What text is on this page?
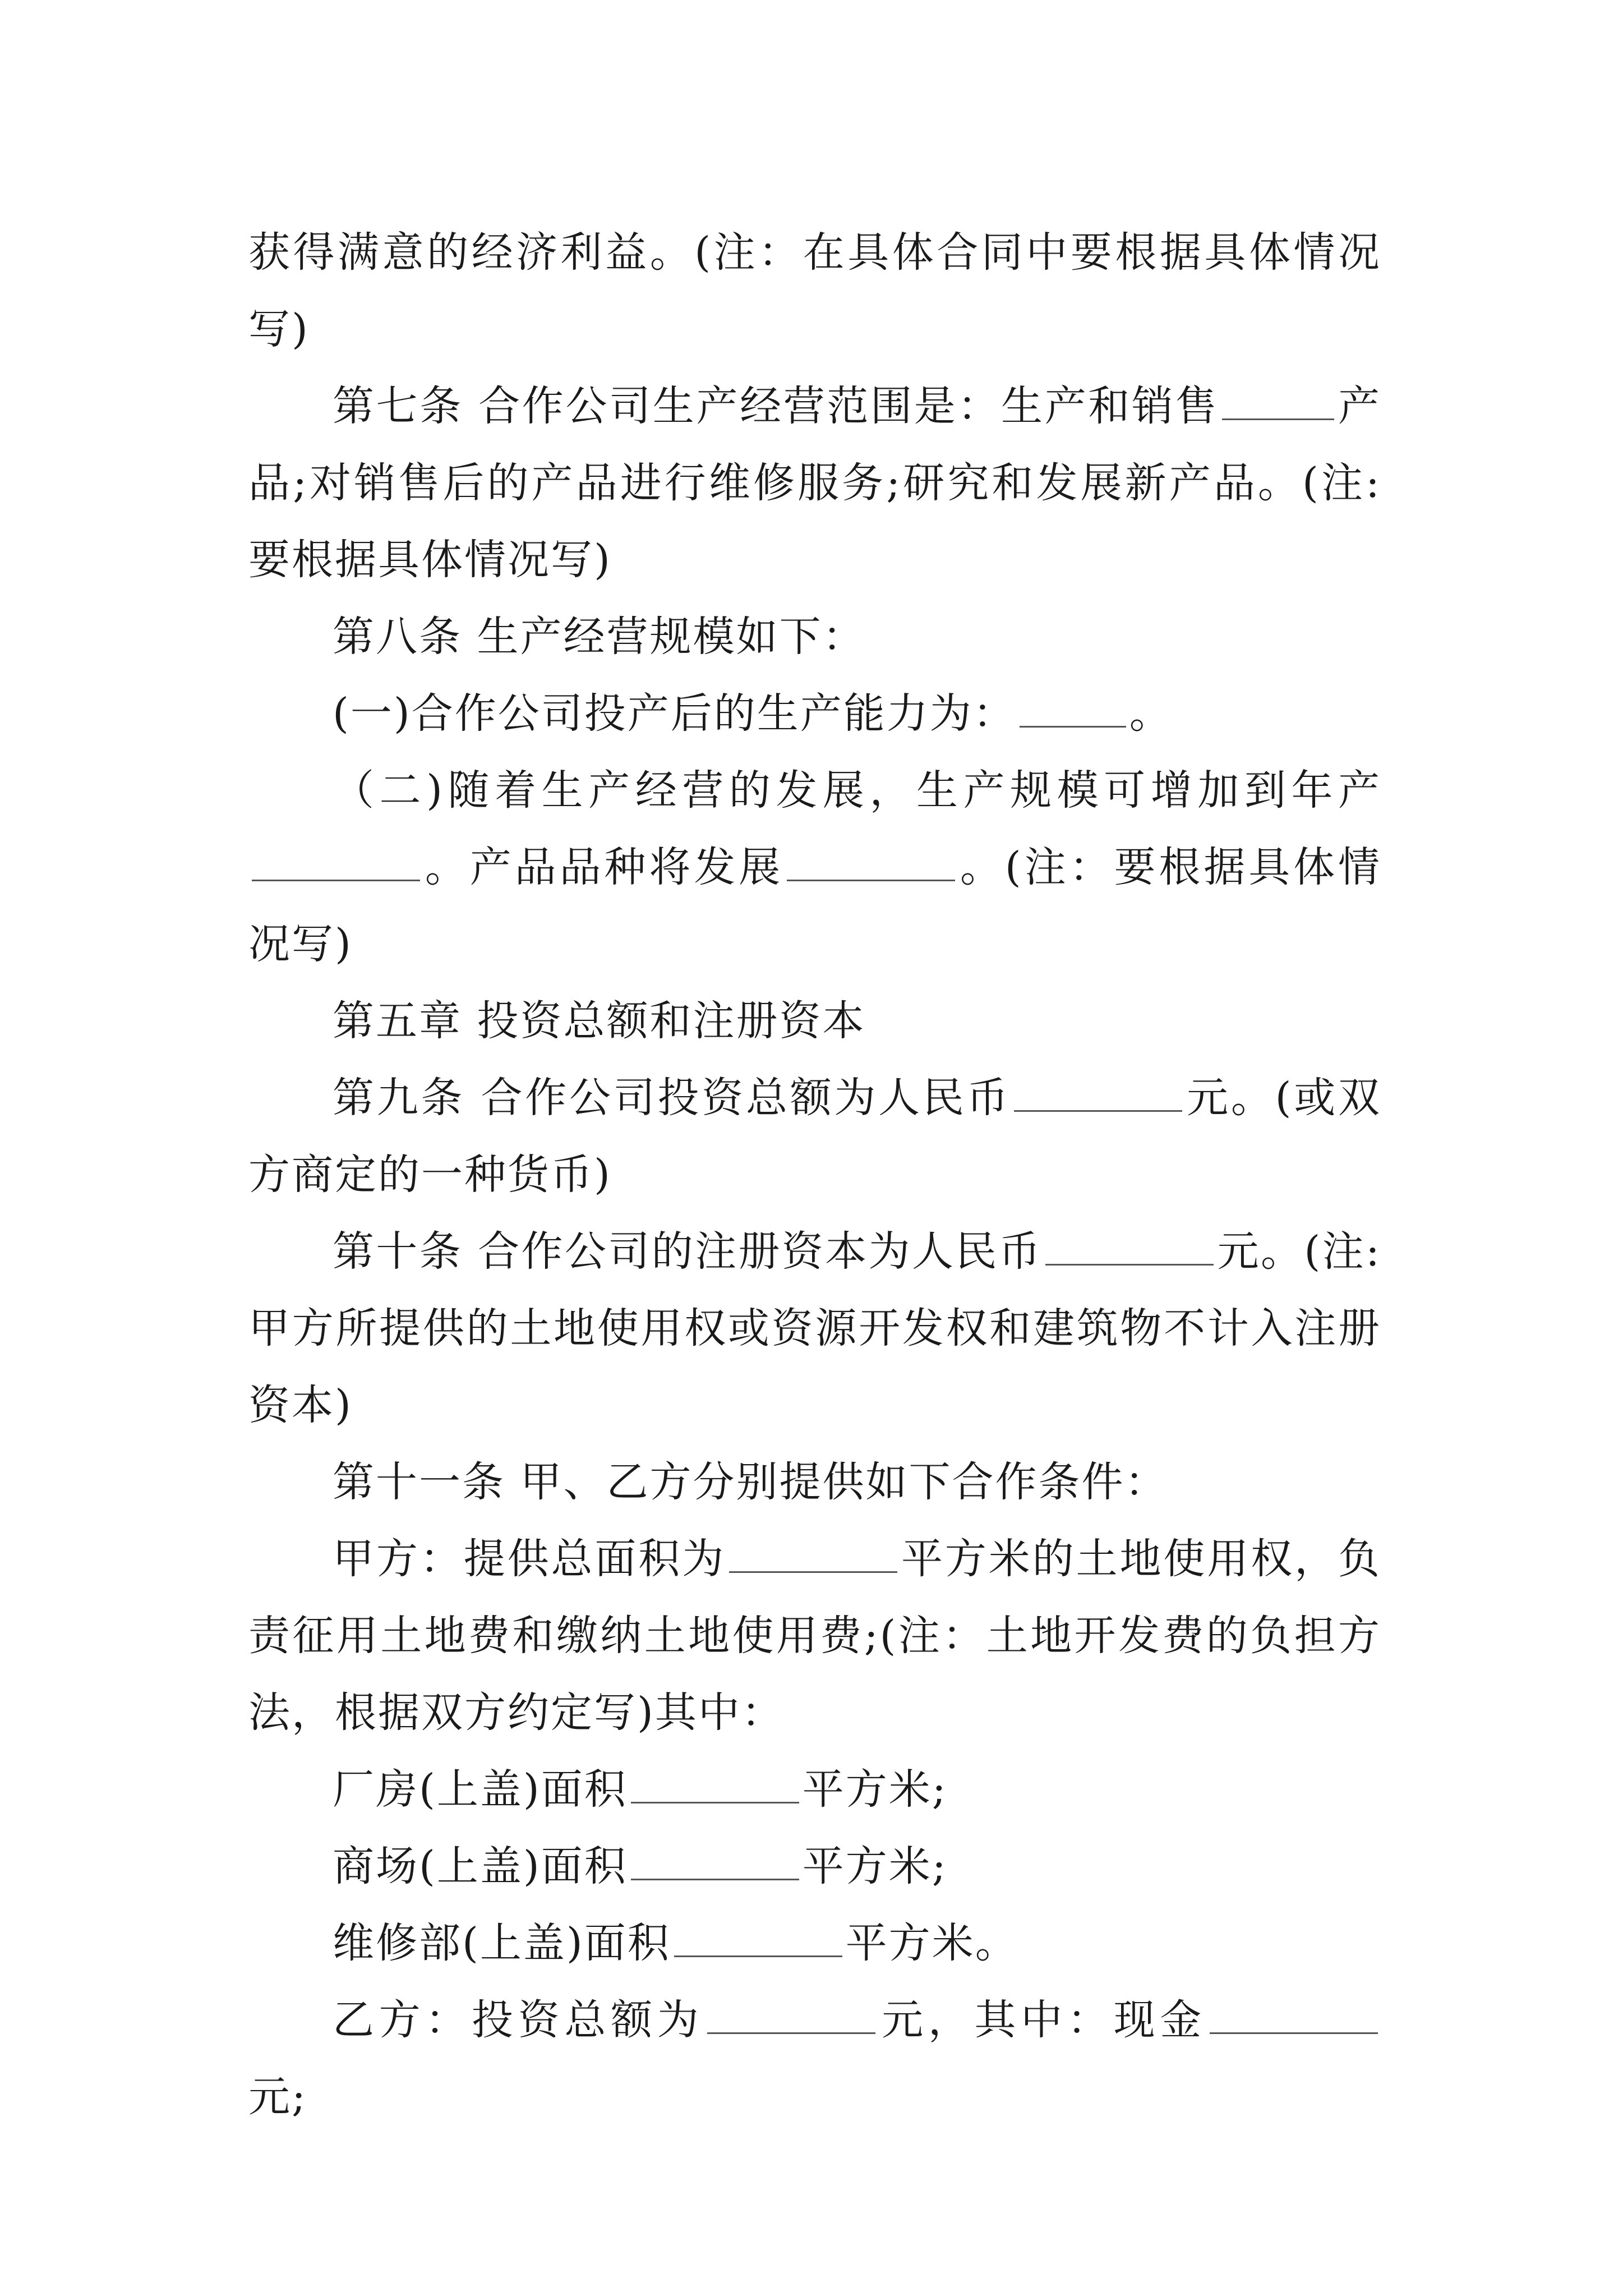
获得满意的经济利益。(注：在具体合同中要根据具体情况写)

第七条 合作公司生产经营范围是：生产和销售	产品;对销售后的产品进行维修服务;研究和发展新产品。(注:要根据具体情况写)

第八条 生产经营规模如下：

(一)合作公司投产后的生产能力为：	。

（二)随着生产经营的发展，生产规模可增加到年产。产品品种将发展	。(注：要根据具体情况写)

第五章 投资总额和注册资本

第九条 合作公司投资总额为人民币	元。(或双方商定的一种货币)

第十条 合作公司的注册资本为人民币	元。(注:甲方所提供的土地使用权或资源开发权和建筑物不计入注册资本)

第十一条 甲、乙方分别提供如下合作条件：

甲方：提供总面积为	平方米的土地使用权，负责征用土地费和缴纳土地使用费;(注：土地开发费的负担方法，根据双方约定写)其中：

厂房(上盖)面积	平方米;

商场(上盖)面积	平方米;

维修部(上盖)面积	平方米。

乙方：投资总额为	元，其中：现金元;
